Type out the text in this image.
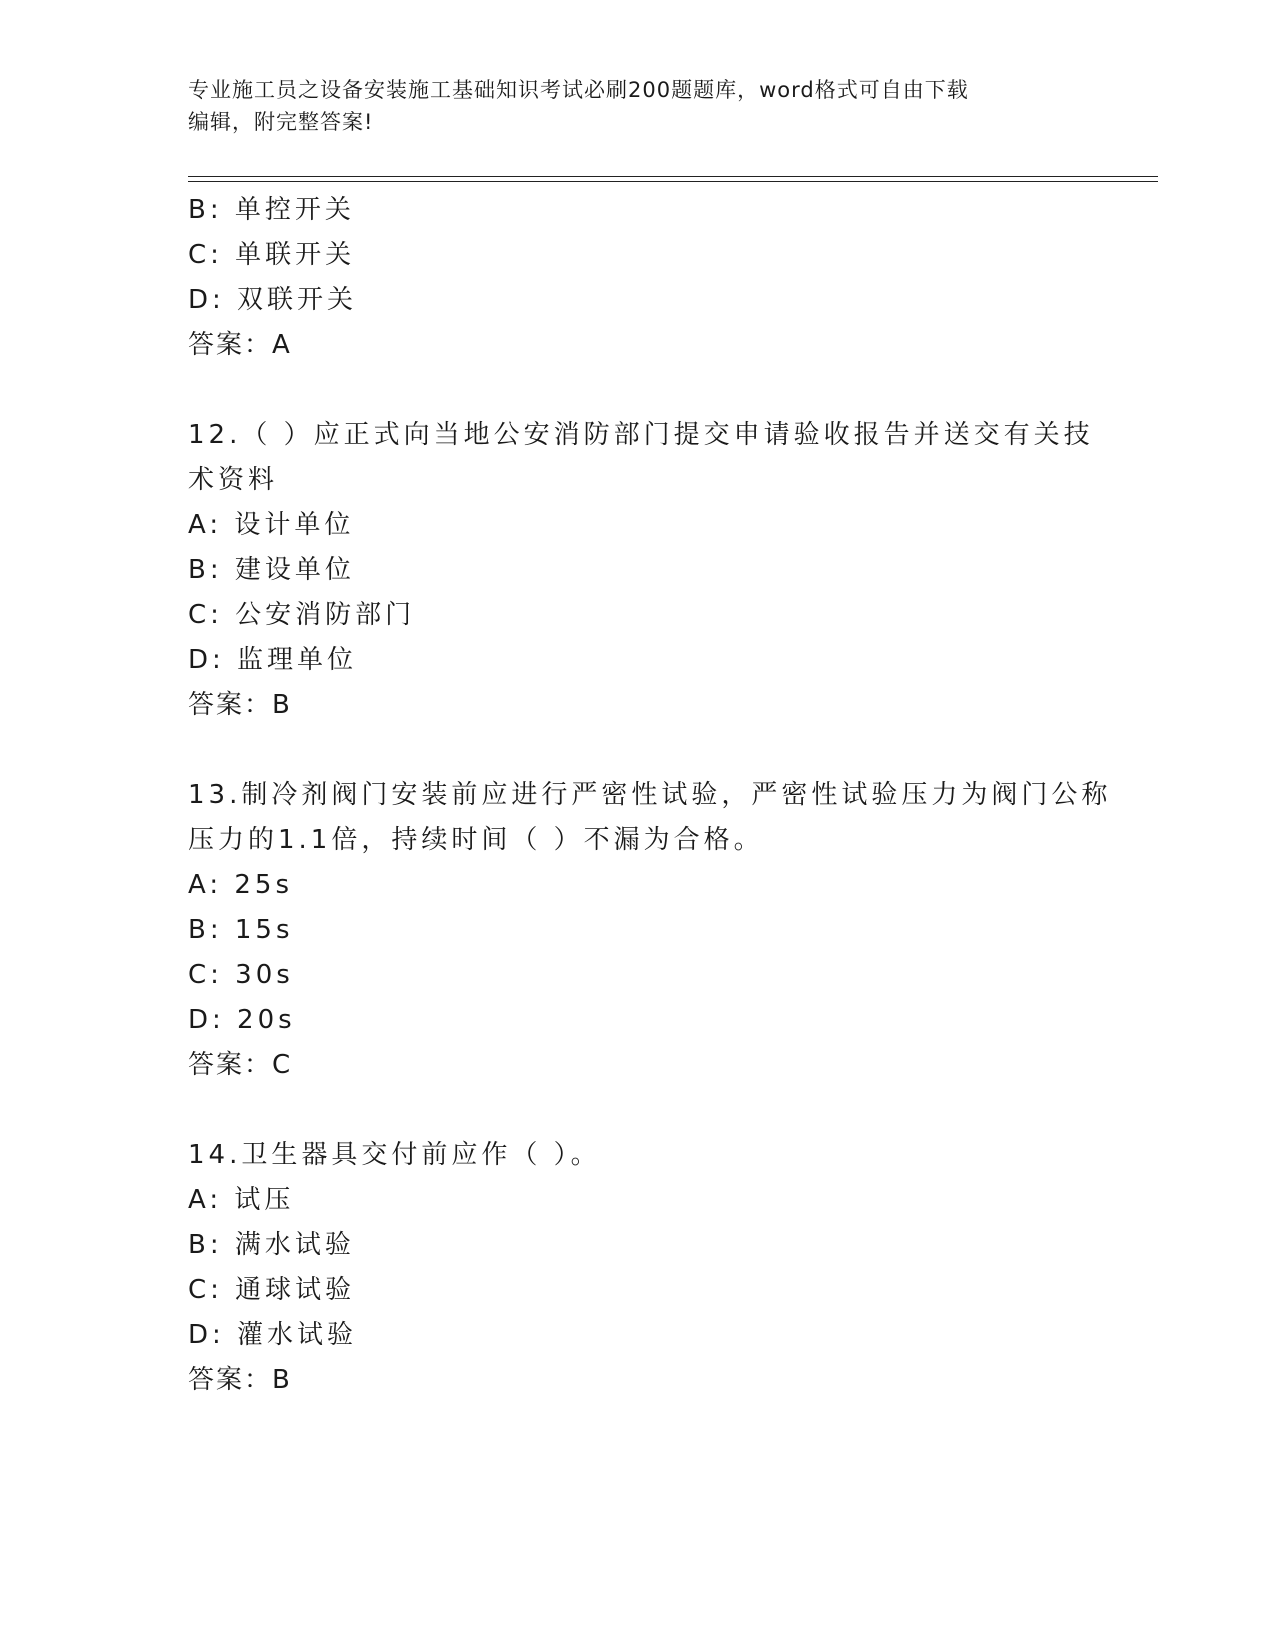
专业施工员之设备安装施工基础知识考试必刷200题题库，word格式可自由下载
编辑，附完整答案!
B: 单控开关
C: 单联开关
D: 双联开关
答案：A
12.（ ）应正式向当地公安消防部门提交申请验收报告并送交有关技
术资料
A: 设计单位
B: 建设单位
C: 公安消防部门
D: 监理单位
答案：B
13.制冷剂阀门安装前应进行严密性试验，严密性试验压力为阀门公称
压力的1.1倍，持续时间（ ）不漏为合格。
A: 25s
B: 15s
C: 30s
D: 20s
答案：C
14.卫生器具交付前应作（ ）。
A: 试压
B: 满水试验
C: 通球试验
D: 灌水试验
答案：B
